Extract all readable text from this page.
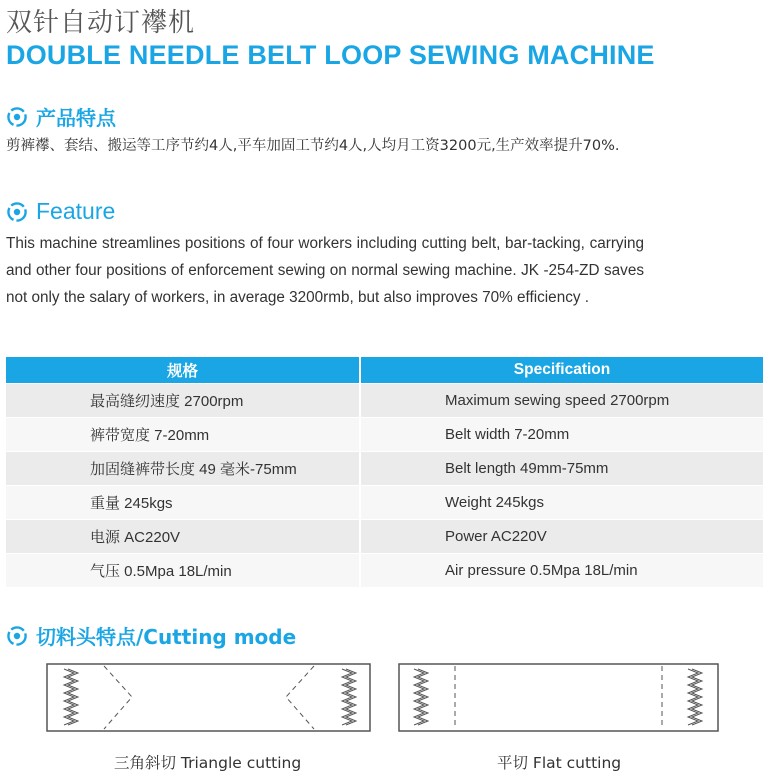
双针自动订襻机
DOUBLE NEEDLE BELT LOOP SEWING MACHINE
产品特点
剪裤襻、套结、搬运等工序节约4人,平车加固工节约4人,人均月工资3200元,生产效率提升70%.
Feature
This machine streamlines positions of four workers including cutting belt, bar-tacking, carrying and other four positions of enforcement sewing on normal sewing machine. JK -254-ZD saves not only the salary of workers, in average 3200rmb, but also improves 70% efficiency .
规格	Specification
最高缝纫速度 2700rpm	Maximum sewing speed 2700rpm
裤带宽度 7-20mm	Belt width 7-20mm
加固缝裤带长度 49 毫米-75mm	Belt length 49mm-75mm
重量 245kgs	Weight 245kgs
电源 AC220V	Power AC220V
气压 0.5Mpa 18L/min	Air pressure 0.5Mpa 18L/min
切料头特点/Cutting mode
三角斜切 Triangle cutting	平切 Flat cutting
